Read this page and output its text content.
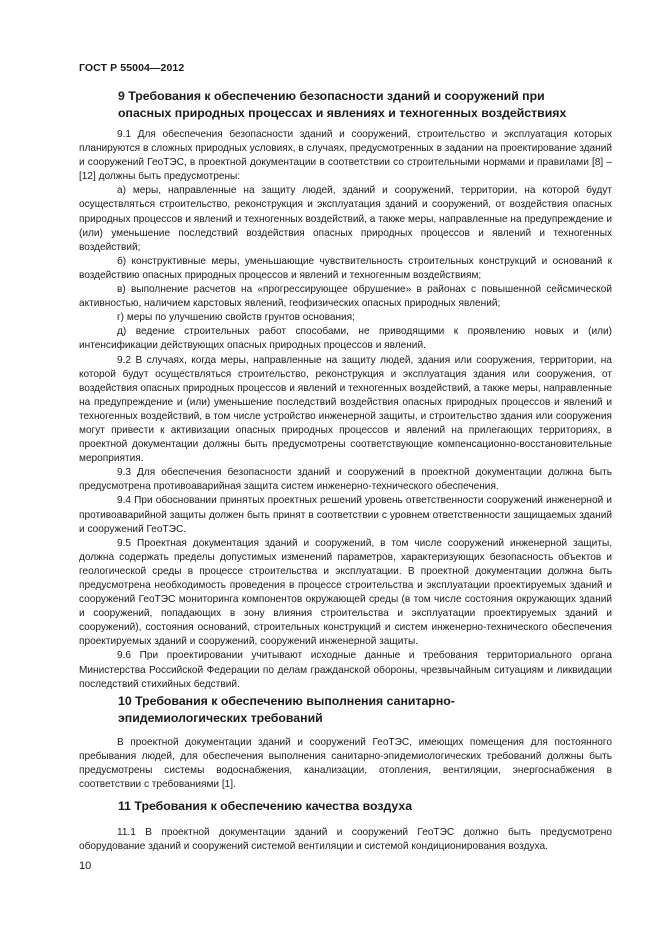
ГОСТ Р 55004—2012
9 Требования к обеспечению безопасности зданий и сооружений при
опасных природных процессах и явлениях и техногенных воздействиях

9.1 Для обеспечения безопасности зданий и сооружений, строительство и эксплуатация которых планируются в сложных природных условиях, в случаях, предусмотренных в задании на проектирование зданий и сооружений ГеоТЭС, в проектной документации в соответствии со строительными нормами и правилами [8] – [12] должны быть предусмотрены:

а) меры, направленные на защиту людей, зданий и сооружений, территории, на которой будут осуществляться строительство, реконструкция и эксплуатация зданий и сооружений, от воздействия опасных природных процессов и явлений и техногенных воздействий, а также меры, направленные на предупреждение и (или) уменьшение последствий воздействия опасных природных процессов и явлений и техногенных воздействий;

б) конструктивные меры, уменьшающие чувствительность строительных конструкций и оснований к воздействию опасных природных процессов и явлений и техногенным воздействиям;

в) выполнение расчетов на «прогрессирующее обрушение» в районах с повышенной сейсмической активностью, наличием карстовых явлений, геофизических опасных природных явлений;

г) меры по улучшению свойств грунтов основания;

д) ведение строительных работ способами, не приводящими к проявлению новых и (или) интенсификации действующих опасных природных процессов и явлений.

9.2 В случаях, когда меры, направленные на защиту людей, здания или сооружения, территории, на которой будут осуществляться строительство, реконструкция и эксплуатация здания или сооружения, от воздействия опасных природных процессов и явлений и техногенных воздействий, а также меры, направленные на предупреждение и (или) уменьшение последствий воздействия опасных природных процессов и явлений и техногенных воздействий, в том числе устройство инженерной защиты, и строительство здания или сооружения могут привести к активизации опасных природных процессов и явлений на прилегающих территориях, в проектной документации должны быть предусмотрены соответствующие компенсационно-восстановительные мероприятия.

9.3 Для обеспечения безопасности зданий и сооружений в проектной документации должна быть предусмотрена противоаварийная защита систем инженерно-технического обеспечения.

9.4 При обосновании принятых проектных решений уровень ответственности сооружений инженерной и противоаварийной защиты должен быть принят в соответствии с уровнем ответственности защищаемых зданий и сооружений ГеоТЭС.

9.5 Проектная документация зданий и сооружений, в том числе сооружений инженерной защиты, должна содержать пределы допустимых изменений параметров, характеризующих безопасность объектов и геологической среды в процессе строительства и эксплуатации. В проектной документации должна быть предусмотрена необходимость проведения в процессе строительства и эксплуатации проектируемых зданий и сооружений ГеоТЭС мониторинга компонентов окружающей среды (в том числе состояния окружающих зданий и сооружений, попадающих в зону влияния строительства и эксплуатации проектируемых зданий и сооружений), состояния оснований, строительных конструкций и систем инженерно-технического обеспечения проектируемых зданий и сооружений, сооружений инженерной защиты.

9.6 При проектировании учитывают исходные данные и требования территориального органа Министерства Российской Федерации по делам гражданской обороны, чрезвычайным ситуациям и ликвидации последствий стихийных бедствий.

10 Требования к обеспечению выполнения санитарно-
эпидемиологических требований

В проектной документации зданий и сооружений ГеоТЭС, имеющих помещения для постоянного пребывания людей, для обеспечения выполнения санитарно-эпидемиологических требований должны быть предусмотрены системы водоснабжения, канализации, отопления, вентиляции, энергоснабжения в соответствии с требованиями [1].

11 Требования к обеспечению качества воздуха

11.1 В проектной документации зданий и сооружений ГеоТЭС должно быть предусмотрено оборудование зданий и сооружений системой вентиляции и системой кондиционирования воздуха.

10
